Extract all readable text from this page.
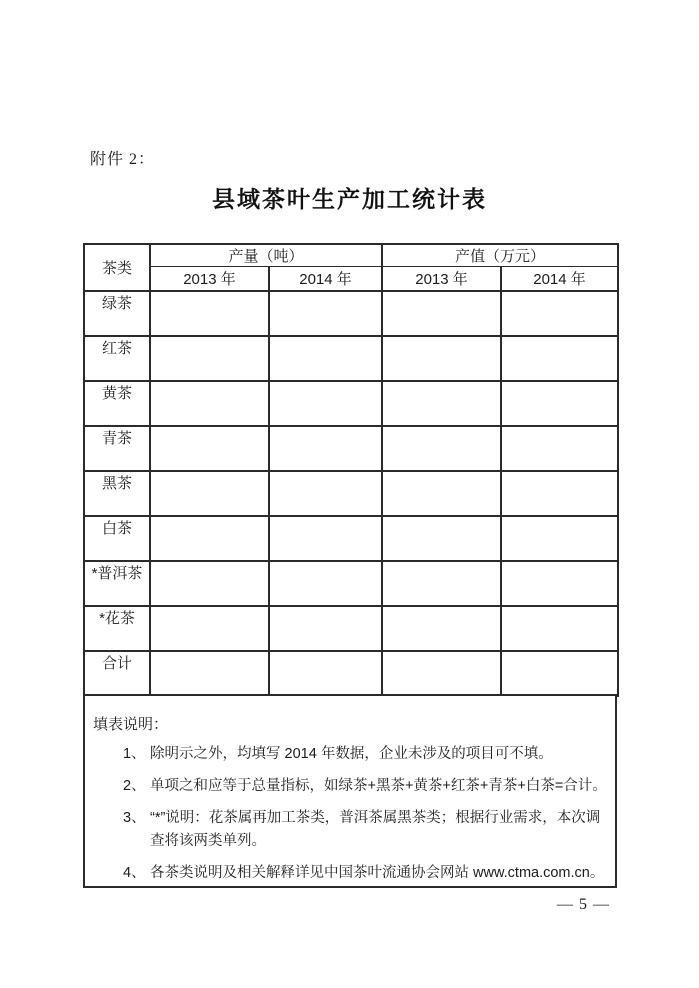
附件 2：
县域茶叶生产加工统计表
茶类	产量（吨）		产值（万元）	
	2013 年	2014 年	2013 年	2014 年
绿茶				
红茶				
黄茶				
青茶				
黑茶				
白茶				
*普洱茶				
*花茶				
合计				
填表说明：
1、 除明示之外，均填写 2014 年数据，企业未涉及的项目可不填。
2、 单项之和应等于总量指标，如绿茶+黑茶+黄茶+红茶+青茶+白茶=合计。
3、 “*”说明：花茶属再加工茶类，普洱茶属黑茶类；根据行业需求，本次调查将该两类单列。
4、 各茶类说明及相关解释详见中国茶叶流通协会网站 www.ctma.com.cn。
— 5 —
